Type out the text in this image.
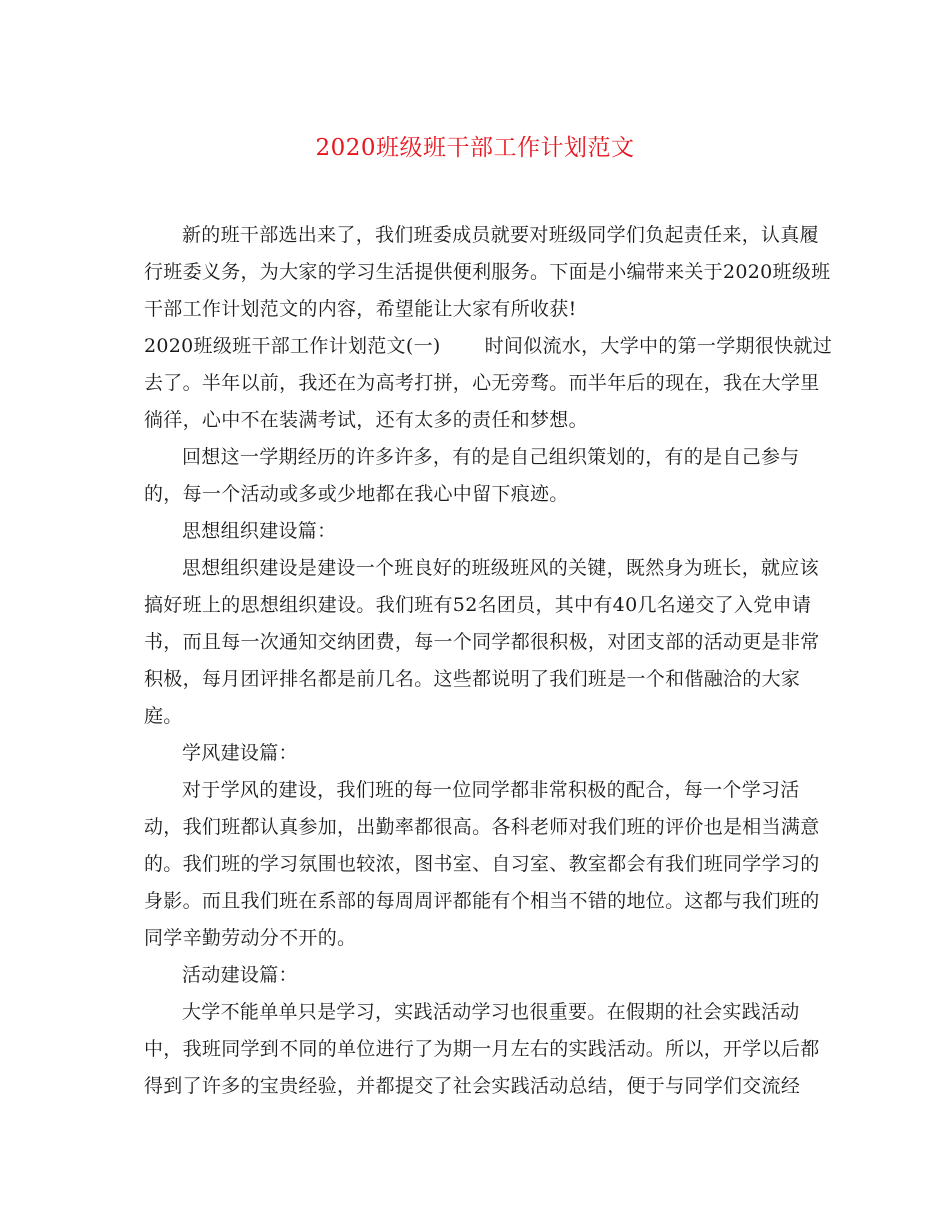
2020班级班干部工作计划范文

新的班干部选出来了，我们班委成员就要对班级同学们负起责任来，认真履

行班委义务，为大家的学习生活提供便利服务。下面是小编带来关于2020班级班

干部工作计划范文的内容，希望能让大家有所收获!

2020班级班干部工作计划范文(一) 时间似流水，大学中的第一学期很快就过

去了。半年以前，我还在为高考打拼，心无旁骛。而半年后的现在，我在大学里

徜徉，心中不在装满考试，还有太多的责任和梦想。

回想这一学期经历的许多许多，有的是自己组织策划的，有的是自己参与

的，每一个活动或多或少地都在我心中留下痕迹。

思想组织建设篇：

思想组织建设是建设一个班良好的班级班风的关键，既然身为班长，就应该

搞好班上的思想组织建设。我们班有52名团员，其中有40几名递交了入党申请

书，而且每一次通知交纳团费，每一个同学都很积极，对团支部的活动更是非常

积极，每月团评排名都是前几名。这些都说明了我们班是一个和偕融洽的大家

庭。

学风建设篇：

对于学风的建设，我们班的每一位同学都非常积极的配合，每一个学习活

动，我们班都认真参加，出勤率都很高。各科老师对我们班的评价也是相当满意

的。我们班的学习氛围也较浓，图书室、自习室、教室都会有我们班同学学习的

身影。而且我们班在系部的每周周评都能有个相当不错的地位。这都与我们班的

同学辛勤劳动分不开的。

活动建设篇：

大学不能单单只是学习，实践活动学习也很重要。在假期的社会实践活动

中，我班同学到不同的单位进行了为期一月左右的实践活动。所以，开学以后都

得到了许多的宝贵经验，并都提交了社会实践活动总结，便于与同学们交流经
